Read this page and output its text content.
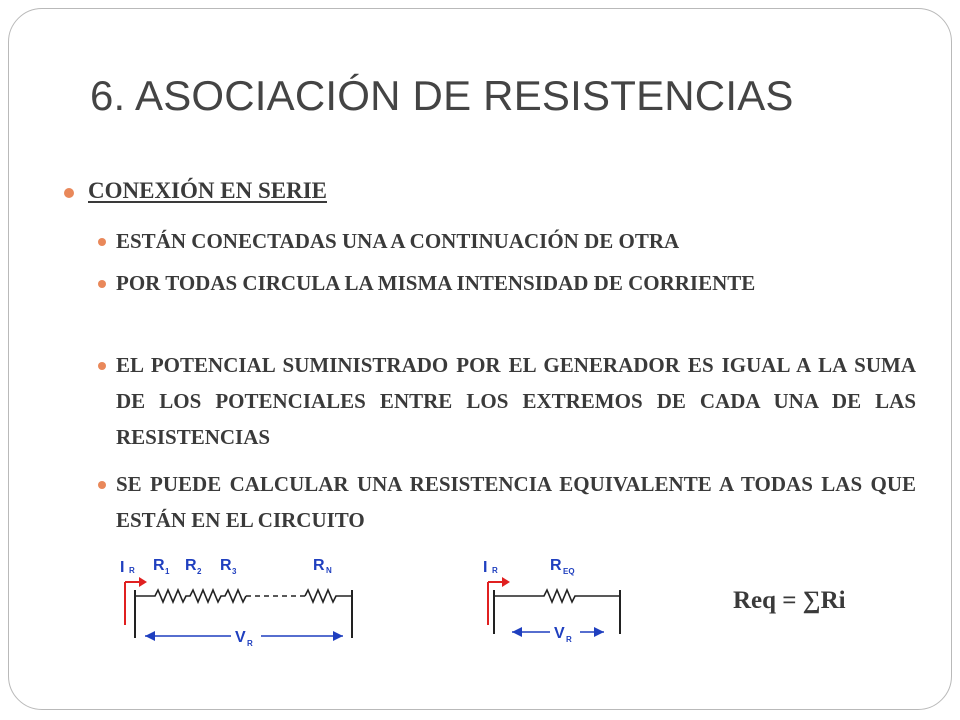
6. ASOCIACIÓN DE RESISTENCIAS
CONEXIÓN EN SERIE
ESTÁN CONECTADAS UNA A CONTINUACIÓN DE OTRA
POR TODAS CIRCULA LA MISMA INTENSIDAD DE CORRIENTE
EL POTENCIAL SUMINISTRADO POR EL GENERADOR ES IGUAL A LA SUMA DE LOS POTENCIALES ENTRE LOS EXTREMOS DE CADA UNA DE LAS RESISTENCIAS
SE PUEDE CALCULAR UNA RESISTENCIA EQUIVALENTE A TODAS LAS QUE ESTÁN EN EL CIRCUITO
I R R 1 R 2 R 3	R N
V R
I R	R EQ
V R
Req = ∑Ri
